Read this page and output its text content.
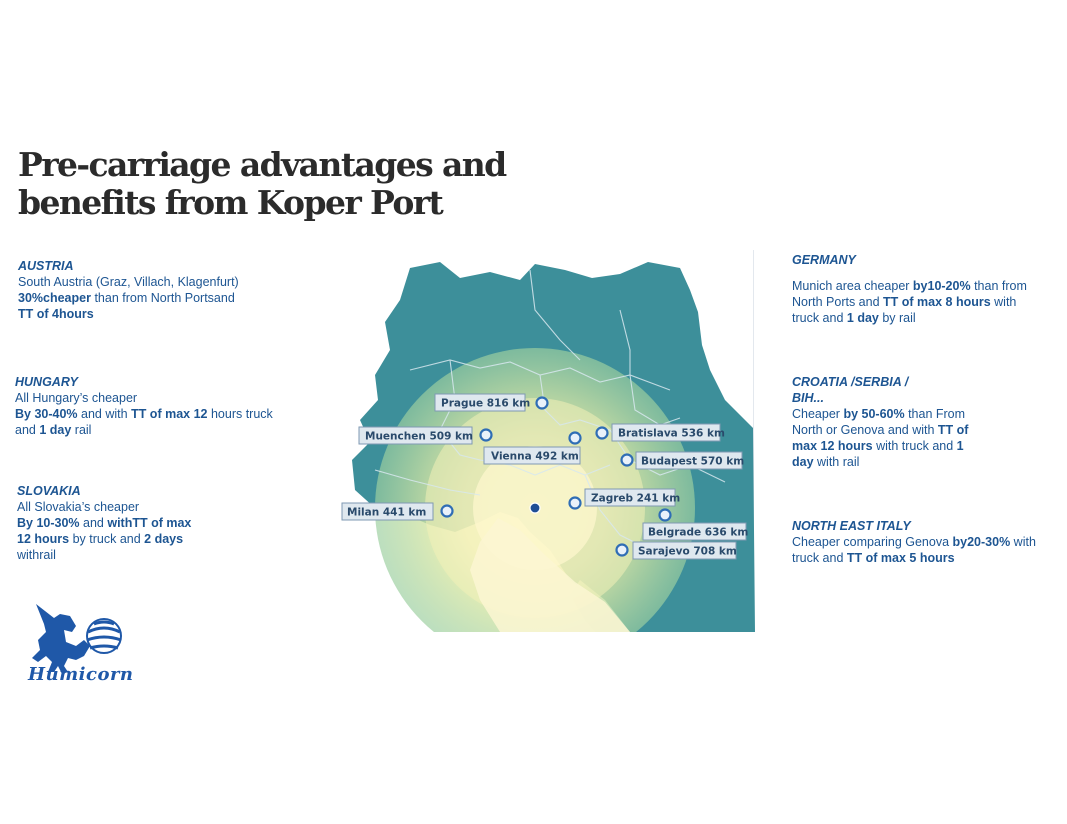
Pre-carriage advantages and
benefits from Koper Port
AUSTRIA

South Austria (Graz, Villach, Klagenfurt)

30%cheaper than from North Portsand

TT of 4hours

HUNGARY

All Hungary’s cheaper

By 30-40% and with TT of max 12 hours truck

and 1 day rail

SLOVAKIA

All Slovakia’s cheaper

By 10-30% and withTT of max

12 hours by truck and 2 days

withrail

GERMANY

Munich area cheaper by10-20% than from

North Ports and TT of max 8 hours with

truck and 1 day by rail

CROATIA /SERBIA /
BIH...

Cheaper by 50-60% than From

North or Genova and with TT of

max 12 hours with truck and 1

day with rail

NORTH EAST ITALY

Cheaper comparing Genova by20-30% with

truck and TT of max 5 hours

Prague 816 km
Muenchen 509 km	Bratislava 536 km
Vienna 492 km	Budapest 570 km
Milan 441 km
Zagreb 241 km
Belgrade 636 km
Sarajevo 708 km
Humicorn
